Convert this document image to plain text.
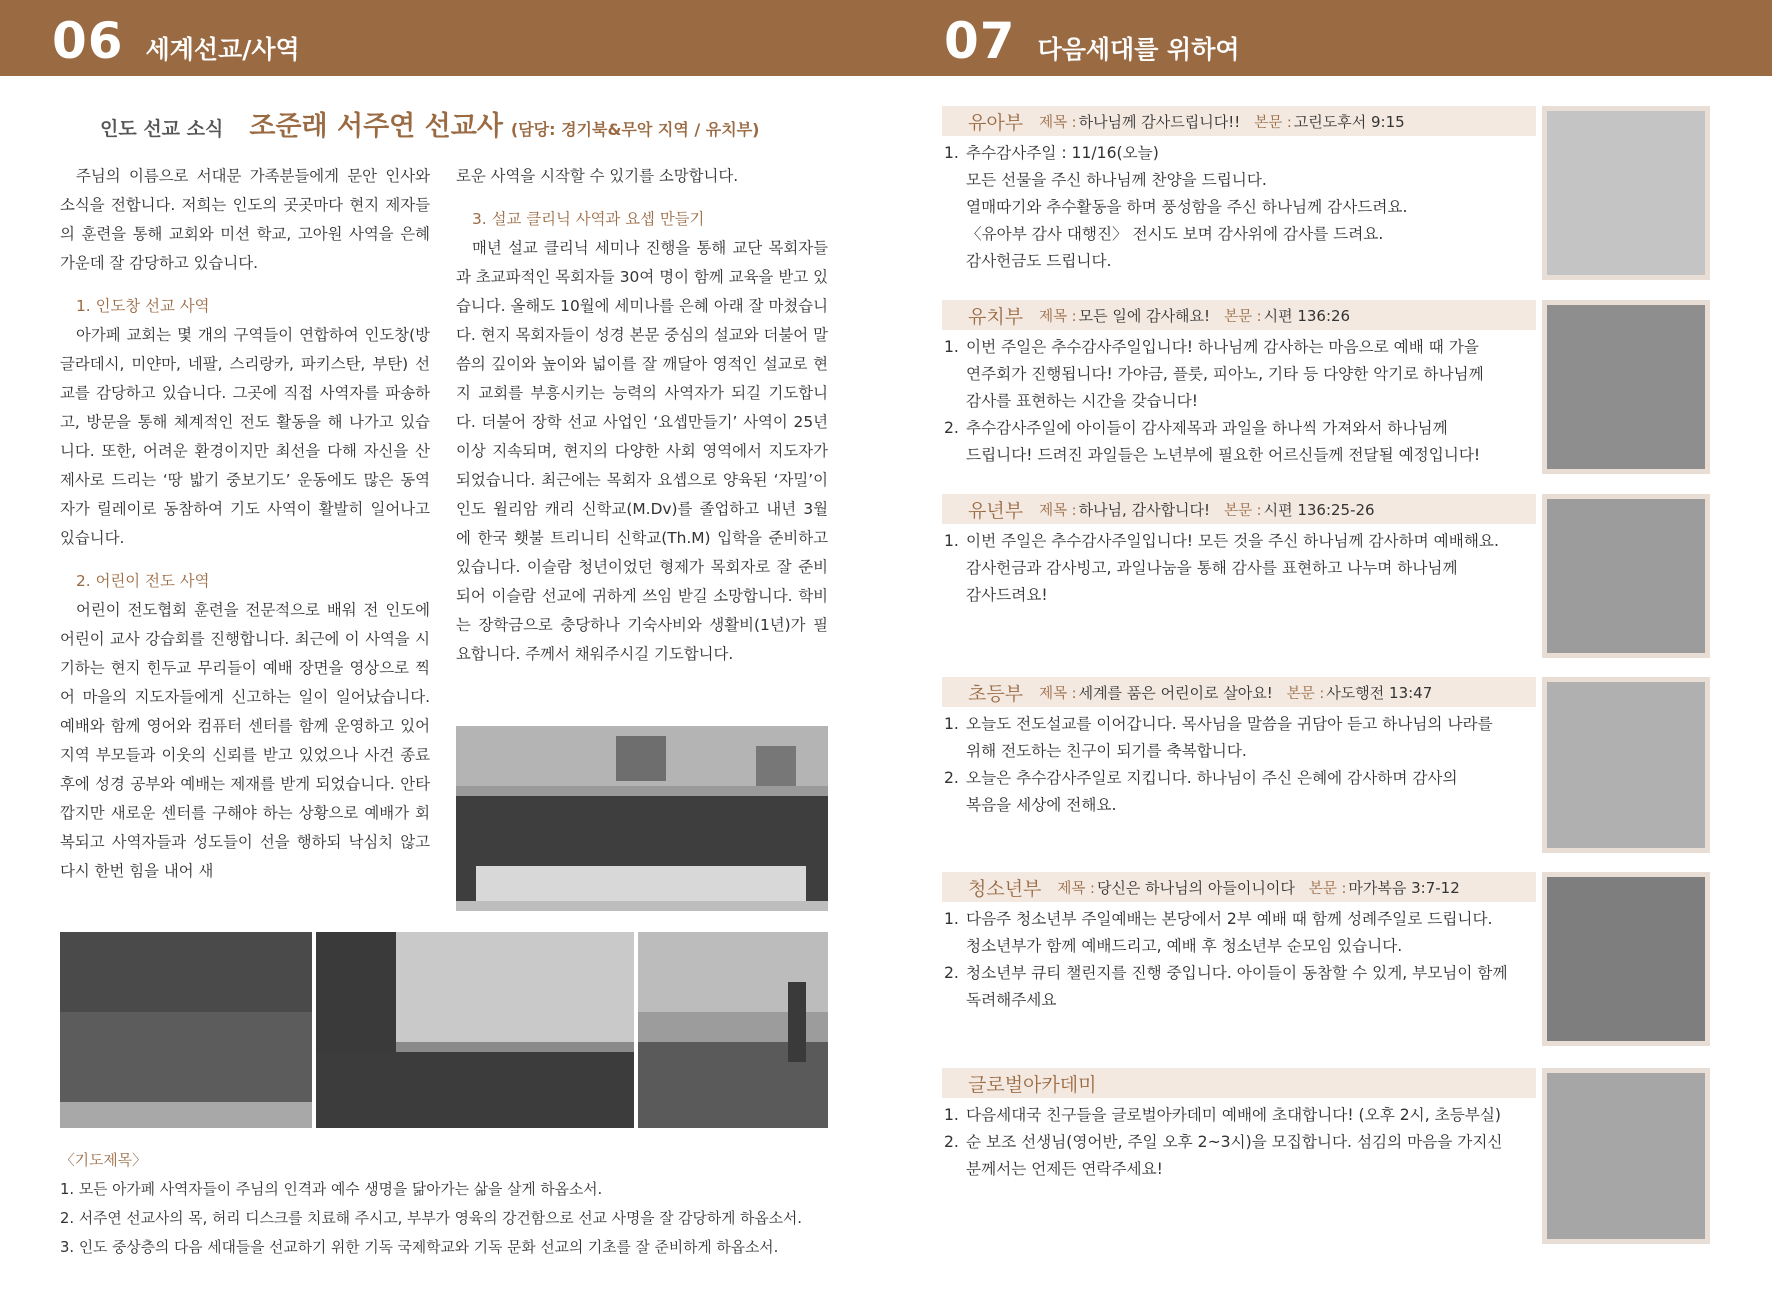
06 세계선교/사역	07 다음세대를 위하여
인도 선교 소식 조준래 서주연 선교사 (담당: 경기북&무악 지역 / 유치부)

주님의 이름으로 서대문 가족분들에게 문안 인사와 소식을 전합니다. 저희는 인도의 곳곳마다 현지 제자들의 훈련을 통해 교회와 미션 학교, 고아원 사역을 은혜 가운데 잘 감당하고 있습니다.

1. 인도창 선교 사역

아가페 교회는 몇 개의 구역들이 연합하여 인도창(방글라데시, 미얀마, 네팔, 스리랑카, 파키스탄, 부탄) 선교를 감당하고 있습니다. 그곳에 직접 사역자를 파송하고, 방문을 통해 체계적인 전도 활동을 해 나가고 있습니다. 또한, 어려운 환경이지만 최선을 다해 자신을 산 제사로 드리는 ‘땅 밟기 중보기도’ 운동에도 많은 동역자가 릴레이로 동참하여 기도 사역이 활발히 일어나고 있습니다.

2. 어린이 전도 사역

어린이 전도협회 훈련을 전문적으로 배워 전 인도에 어린이 교사 강습회를 진행합니다. 최근에 이 사역을 시기하는 현지 힌두교 무리들이 예배 장면을 영상으로 찍어 마을의 지도자들에게 신고하는 일이 일어났습니다. 예배와 함께 영어와 컴퓨터 센터를 함께 운영하고 있어 지역 부모들과 이웃의 신뢰를 받고 있었으나 사건 종료 후에 성경 공부와 예배는 제재를 받게 되었습니다. 안타깝지만 새로운 센터를 구해야 하는 상황으로 예배가 회복되고 사역자들과 성도들이 선을 행하되 낙심치 않고 다시 한번 힘을 내어 새

로운 사역을 시작할 수 있기를 소망합니다.

3. 설교 클리닉 사역과 요셉 만들기

매년 설교 클리닉 세미나 진행을 통해 교단 목회자들과 초교파적인 목회자들 30여 명이 함께 교육을 받고 있습니다. 올해도 10월에 세미나를 은혜 아래 잘 마쳤습니다. 현지 목회자들이 성경 본문 중심의 설교와 더불어 말씀의 깊이와 높이와 넓이를 잘 깨달아 영적인 설교로 현지 교회를 부흥시키는 능력의 사역자가 되길 기도합니다. 더불어 장학 선교 사업인 ‘요셉만들기’ 사역이 25년 이상 지속되며, 현지의 다양한 사회 영역에서 지도자가 되었습니다. 최근에는 목회자 요셉으로 양육된 ‘자밀’이 인도 윌리암 캐리 신학교(M.Dv)를 졸업하고 내년 3월에 한국 횃불 트리니티 신학교(Th.M) 입학을 준비하고 있습니다. 이슬람 청년이었던 형제가 목회자로 잘 준비되어 이슬람 선교에 귀하게 쓰임 받길 소망합니다. 학비는 장학금으로 충당하나 기숙사비와 생활비(1년)가 필요합니다. 주께서 채워주시길 기도합니다.

〈기도제목〉
1. 모든 아가페 사역자들이 주님의 인격과 예수 생명을 닮아가는 삶을 살게 하옵소서.
2. 서주연 선교사의 목, 허리 디스크를 치료해 주시고, 부부가 영육의 강건함으로 선교 사명을 잘 감당하게 하옵소서.
3. 인도 중상층의 다음 세대들을 선교하기 위한 기독 국제학교와 기독 문화 선교의 기초를 잘 준비하게 하옵소서.
유아부 제목 : 하나님께 감사드립니다!! 본문 : 고린도후서 9:15
1. 추수감사주일 : 11/16(오늘)
모든 선물을 주신 하나님께 찬양을 드립니다.
열매따기와 추수활동을 하며 풍성함을 주신 하나님께 감사드려요.
〈유아부 감사 대행진〉 전시도 보며 감사위에 감사를 드려요.
감사헌금도 드립니다.
유치부 제목 : 모든 일에 감사해요! 본문 : 시편 136:26
1. 이번 주일은 추수감사주일입니다! 하나님께 감사하는 마음으로 예배 때 가을
연주회가 진행됩니다! 가야금, 플룻, 피아노, 기타 등 다양한 악기로 하나님께
감사를 표현하는 시간을 갖습니다!
2. 추수감사주일에 아이들이 감사제목과 과일을 하나씩 가져와서 하나님께
드립니다! 드려진 과일들은 노년부에 필요한 어르신들께 전달될 예정입니다!
유년부 제목 : 하나님, 감사합니다! 본문 : 시편 136:25-26
1. 이번 주일은 추수감사주일입니다! 모든 것을 주신 하나님께 감사하며 예배해요.
감사헌금과 감사빙고, 과일나눔을 통해 감사를 표현하고 나누며 하나님께
감사드려요!
초등부 제목 : 세계를 품은 어린이로 살아요! 본문 : 사도행전 13:47
1. 오늘도 전도설교를 이어갑니다. 목사님을 말씀을 귀담아 듣고 하나님의 나라를
위해 전도하는 친구이 되기를 축복합니다.
2. 오늘은 추수감사주일로 지킵니다. 하나님이 주신 은혜에 감사하며 감사의
복음을 세상에 전해요.
청소년부 제목 : 당신은 하나님의 아들이니이다 본문 : 마가복음 3:7-12
1. 다음주 청소년부 주일예배는 본당에서 2부 예배 때 함께 성례주일로 드립니다.
청소년부가 함께 예배드리고, 예배 후 청소년부 순모임 있습니다.
2. 청소년부 큐티 챌린지를 진행 중입니다. 아이들이 동참할 수 있게, 부모님이 함께
독려해주세요
글로벌아카데미
1. 다음세대국 친구들을 글로벌아카데미 예배에 초대합니다! (오후 2시, 초등부실)
2. 순 보조 선생님(영어반, 주일 오후 2~3시)을 모집합니다. 섬김의 마음을 가지신
분께서는 언제든 연락주세요!
